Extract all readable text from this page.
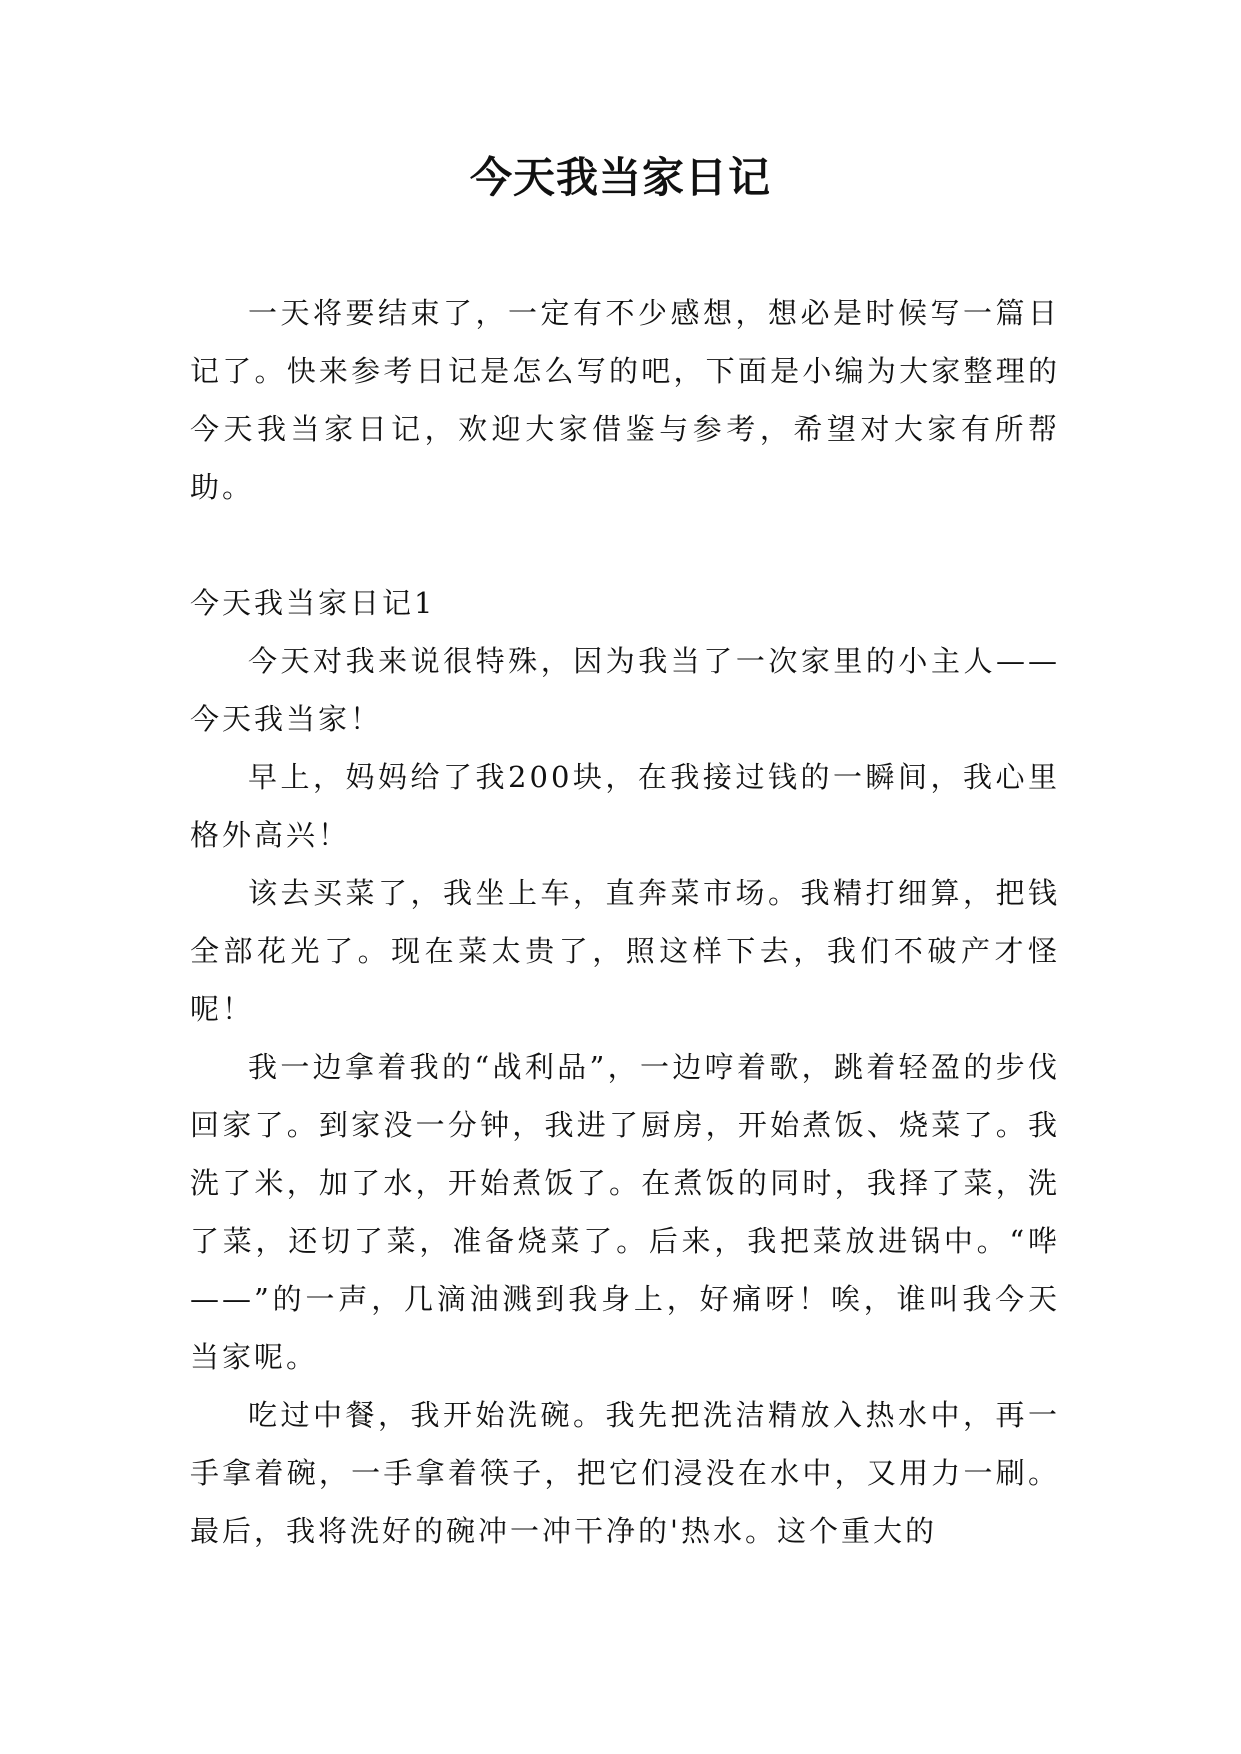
今天我当家日记

一天将要结束了，一定有不少感想，想必是时候写一篇日记了。快来参考日记是怎么写的吧，下面是小编为大家整理的今天我当家日记，欢迎大家借鉴与参考，希望对大家有所帮助。

今天我当家日记1

今天对我来说很特殊，因为我当了一次家里的小主人——今天我当家！

早上，妈妈给了我200块，在我接过钱的一瞬间，我心里格外高兴！

该去买菜了，我坐上车，直奔菜市场。我精打细算，把钱全部花光了。现在菜太贵了，照这样下去，我们不破产才怪呢！

我一边拿着我的“战利品”，一边哼着歌，跳着轻盈的步伐回家了。到家没一分钟，我进了厨房，开始煮饭、烧菜了。我洗了米，加了水，开始煮饭了。在煮饭的同时，我择了菜，洗了菜，还切了菜，准备烧菜了。后来，我把菜放进锅中。“哗——”的一声，几滴油溅到我身上，好痛呀！唉，谁叫我今天当家呢。

吃过中餐，我开始洗碗。我先把洗洁精放入热水中，再一手拿着碗，一手拿着筷子，把它们浸没在水中，又用力一刷。最后，我将洗好的碗冲一冲干净的'热水。这个重大的
